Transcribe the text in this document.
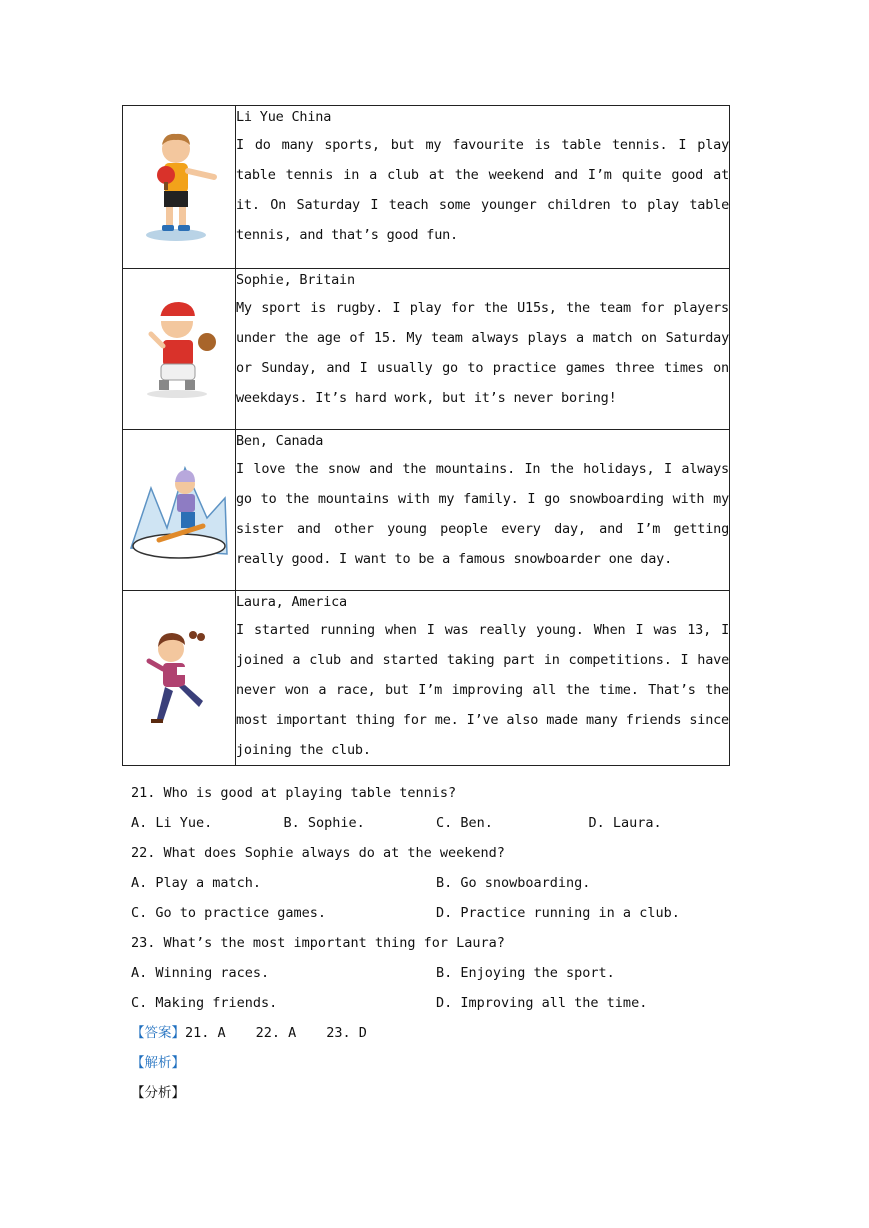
Li Yue China
I do many sports, but my favourite is table tennis. I play table tennis in a club at the weekend and I’m quite good at it. On Saturday I teach some younger children to play table tennis, and that’s good fun.

Sophie, Britain
My sport is rugby. I play for the U15s, the team for players under the age of 15. My team always plays a match on Saturday or Sunday, and I usually go to practice games three times on weekdays. It’s hard work, but it’s never boring!

Ben, Canada
I love the snow and the mountains. In the holidays, I always go to the mountains with my family. I go snowboarding with my sister and other young people every day, and I’m getting really good. I want to be a famous snowboarder one day.

Laura, America
I started running when I was really young. When I was 13, I joined a club and started taking part in competitions. I have never won a race, but I’m improving all the time. That’s the most important thing for me. I’ve also made many friends since joining the club.
21. Who is good at playing table tennis?
A. Li Yue.	B. Sophie.	C. Ben.	D. Laura.
22. What does Sophie always do at the weekend?
A. Play a match.	B. Go snowboarding.
C. Go to practice games.	D. Practice running in a club.
23. What’s the most important thing for Laura?
A. Winning races.	B. Enjoying the sport.
C. Making friends.	D. Improving all the time.
【答案】21. A 22. A 23. D
【解析】
【分析】
